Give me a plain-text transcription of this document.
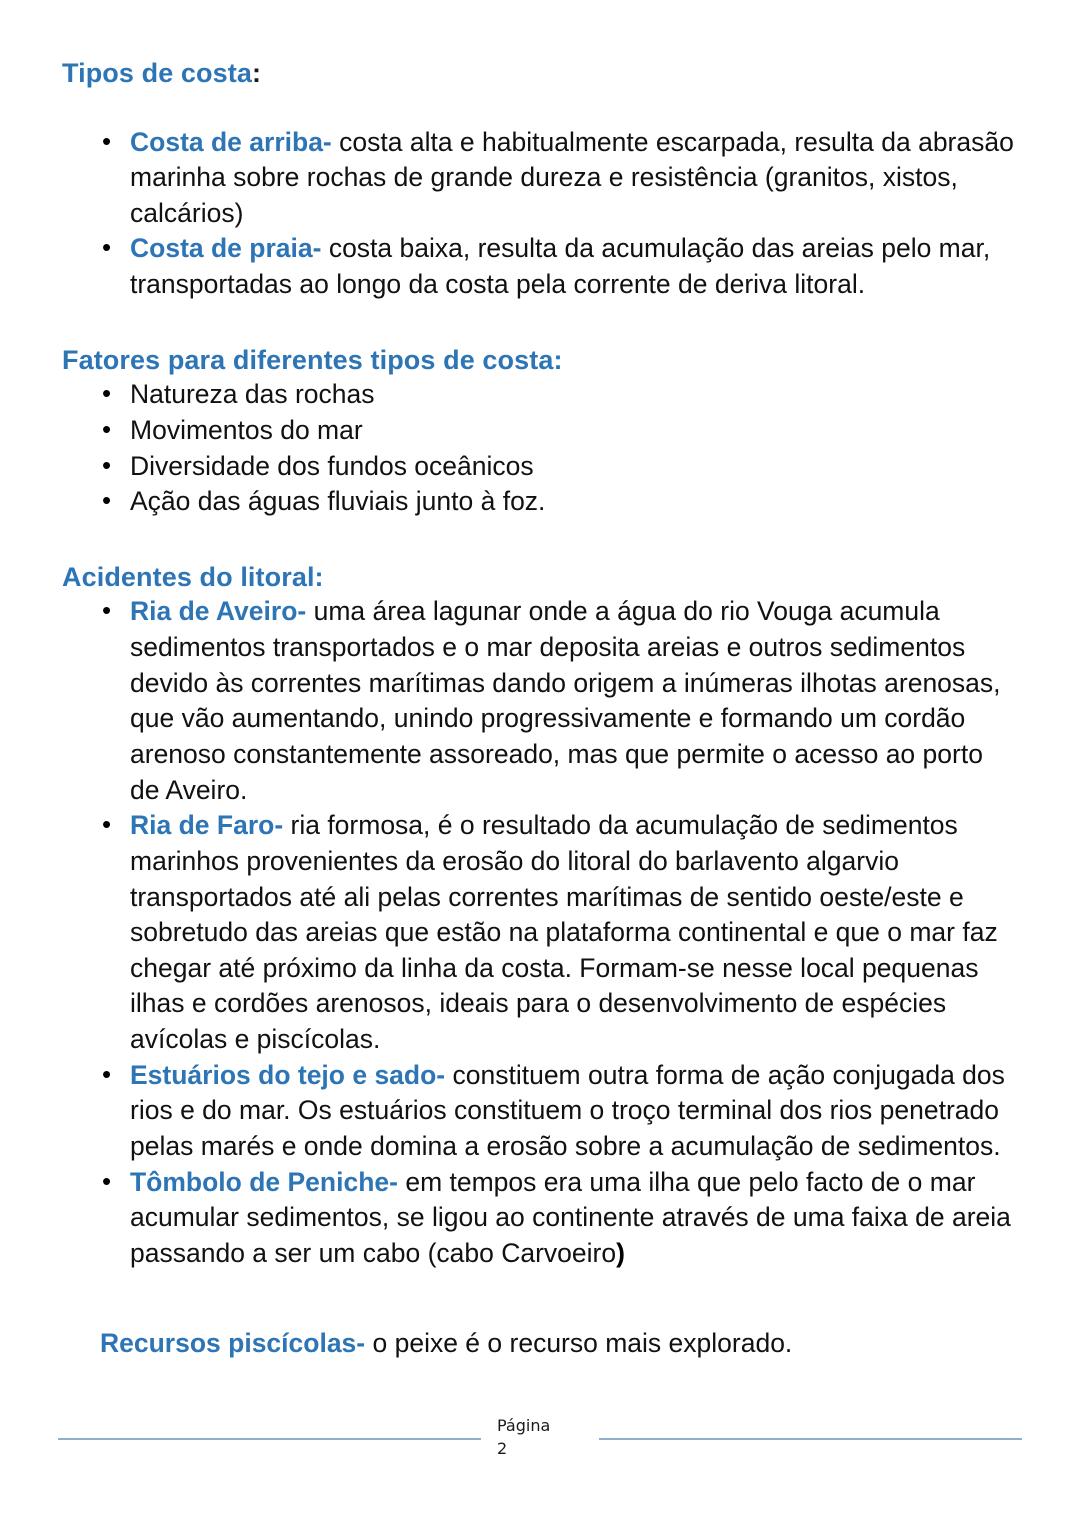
Tipos de costa:
• Costa de arriba- costa alta e habitualmente escarpada, resulta da abrasão marinha sobre rochas de grande dureza e resistência (granitos, xistos, calcários)
• Costa de praia- costa baixa, resulta da acumulação das areias pelo mar, transportadas ao longo da costa pela corrente de deriva litoral.
Fatores para diferentes tipos de costa:
• Natureza das rochas
• Movimentos do mar
• Diversidade dos fundos oceânicos
• Ação das águas fluviais junto à foz.
Acidentes do litoral:
• Ria de Aveiro- uma área lagunar onde a água do rio Vouga acumula sedimentos transportados e o mar deposita areias e outros sedimentos devido às correntes marítimas dando origem a inúmeras ilhotas arenosas, que vão aumentando, unindo progressivamente e formando um cordão arenoso constantemente assoreado, mas que permite o acesso ao porto de Aveiro.
• Ria de Faro- ria formosa, é o resultado da acumulação de sedimentos marinhos provenientes da erosão do litoral do barlavento algarvio transportados até ali pelas correntes marítimas de sentido oeste/este e sobretudo das areias que estão na plataforma continental e que o mar faz chegar até próximo da linha da costa. Formam-se nesse local pequenas ilhas e cordões arenosos, ideais para o desenvolvimento de espécies avícolas e piscícolas.
• Estuários do tejo e sado- constituem outra forma de ação conjugada dos rios e do mar. Os estuários constituem o troço terminal dos rios penetrado pelas marés e onde domina a erosão sobre a acumulação de sedimentos.
• Tômbolo de Peniche- em tempos era uma ilha que pelo facto de o mar acumular sedimentos, se ligou ao continente através de uma faixa de areia passando a ser um cabo (cabo Carvoeiro)

Recursos piscícolas- o peixe é o recurso mais explorado.

Página
2
